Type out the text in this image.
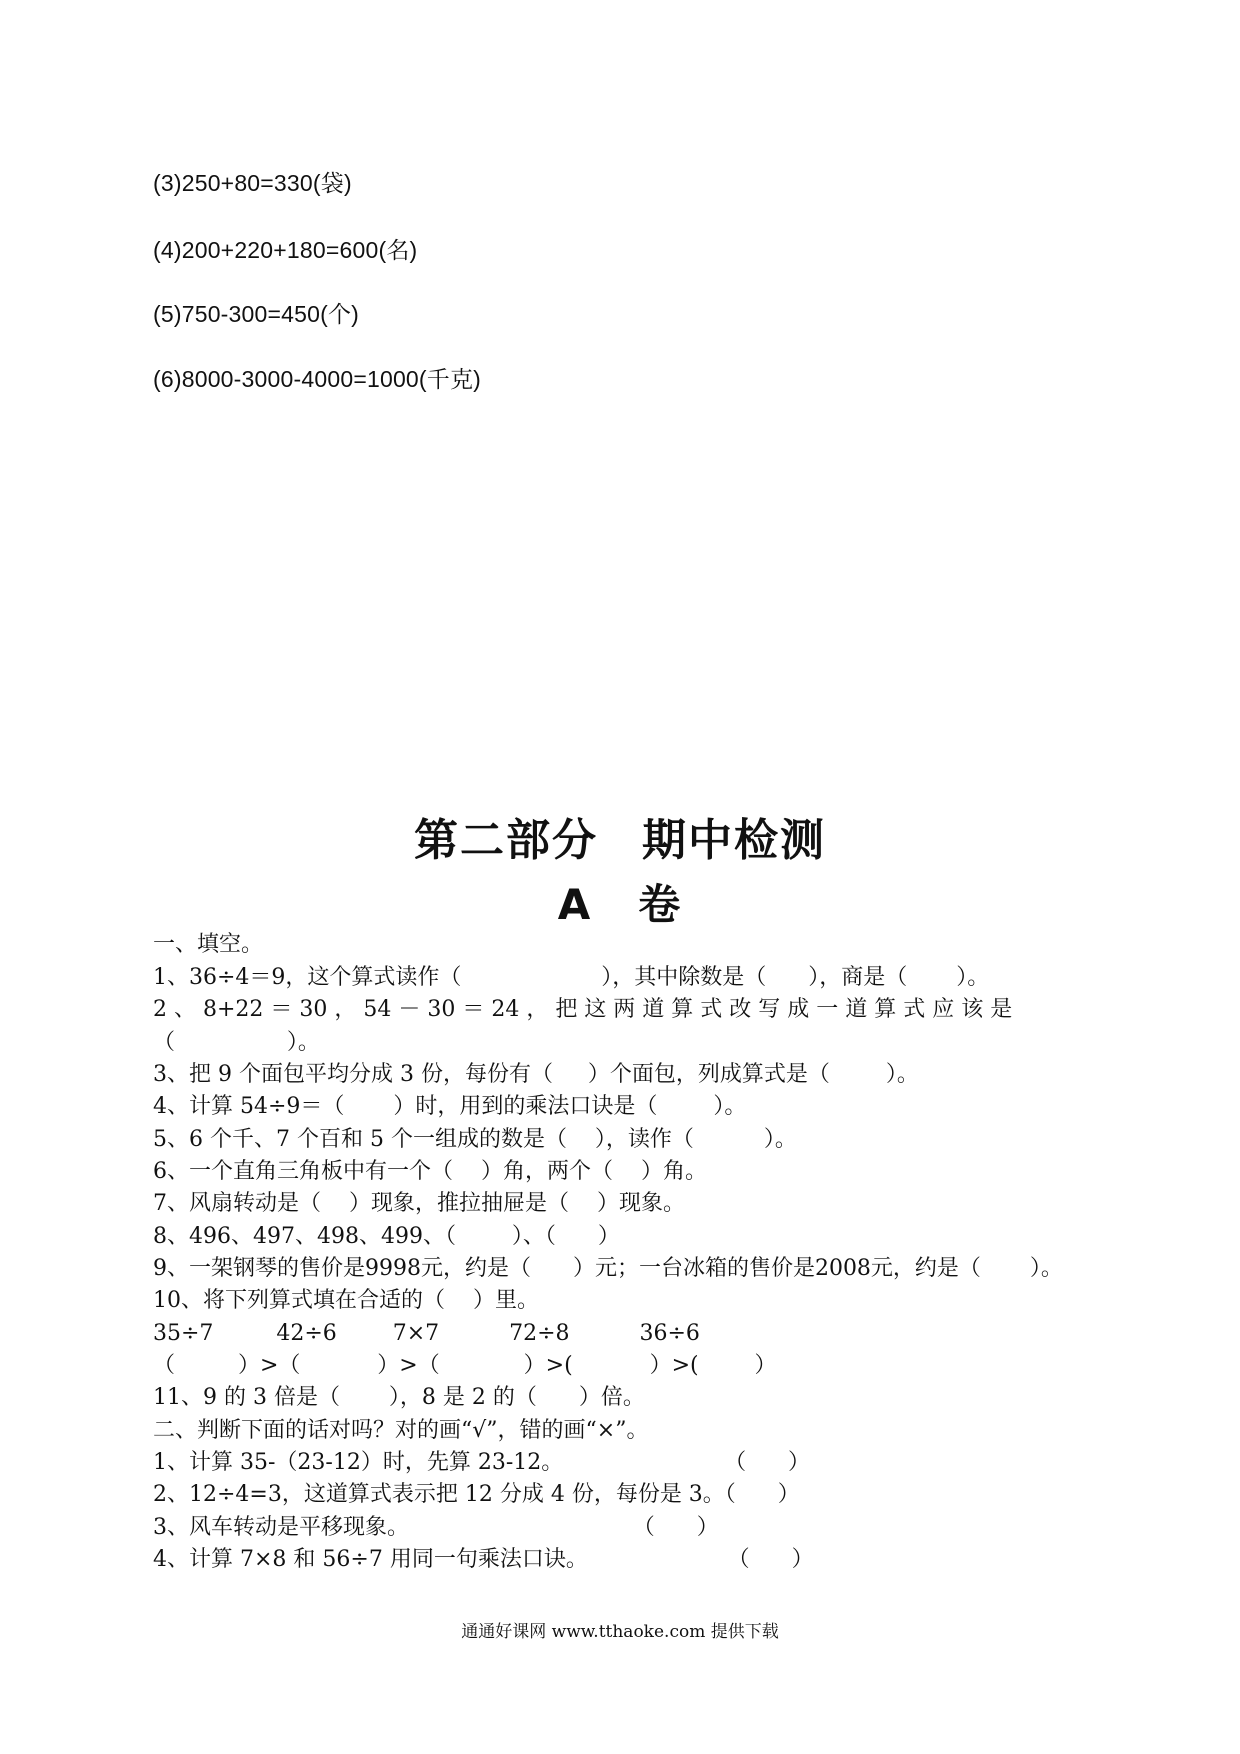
(3)250+80=330(袋)
(4)200+220+180=600(名)
(5)750-300=450(个)
(6)8000-3000-4000=1000(千克)
第二部分 期中检测
A 卷
一、填空。
1、36÷4＝9，这个算式读作（                    ），其中除数是（      ），商是（       ）。
2 、 8+22 ＝ 30 ， 54 － 30 ＝ 24 ， 把 这 两 道 算 式 改 写 成 一 道 算 式 应 该 是
（                ）。
3、把 9 个面包平均分成 3 份，每份有（     ）个面包，列成算式是（        ）。
4、计算 54÷9＝（       ）时，用到的乘法口诀是（        ）。
5、6 个千、7 个百和 5 个一组成的数是（    ），读作（          ）。
6、一个直角三角板中有一个（    ）角，两个（    ）角。
7、风扇转动是（    ）现象，推拉抽屉是（    ）现象。
8、496、497、498、499、（        ）、（      ）
9、一架钢琴的售价是9998元，约是（      ）元；一台冰箱的售价是2008元，约是（       ）。
10、将下列算式填在合适的（    ）里。
35÷7         42÷6        7×7          72÷8          36÷6
（         ）>（           ）>（            ）>(           ）>(        ）
11、9 的 3 倍是（       ），8 是 2 的（      ）倍。
二、判断下面的话对吗？对的画“√”，错的画“×”。
1、计算 35-（23-12）时，先算 23-12。                       （      ）
2、12÷4=3，这道算式表示把 12 分成 4 份，每份是 3。（      ）
3、风车转动是平移现象。                                （      ）
4、计算 7×8 和 56÷7 用同一句乘法口诀。                    （      ）
通通好课网 www.tthaoke.com 提供下载
